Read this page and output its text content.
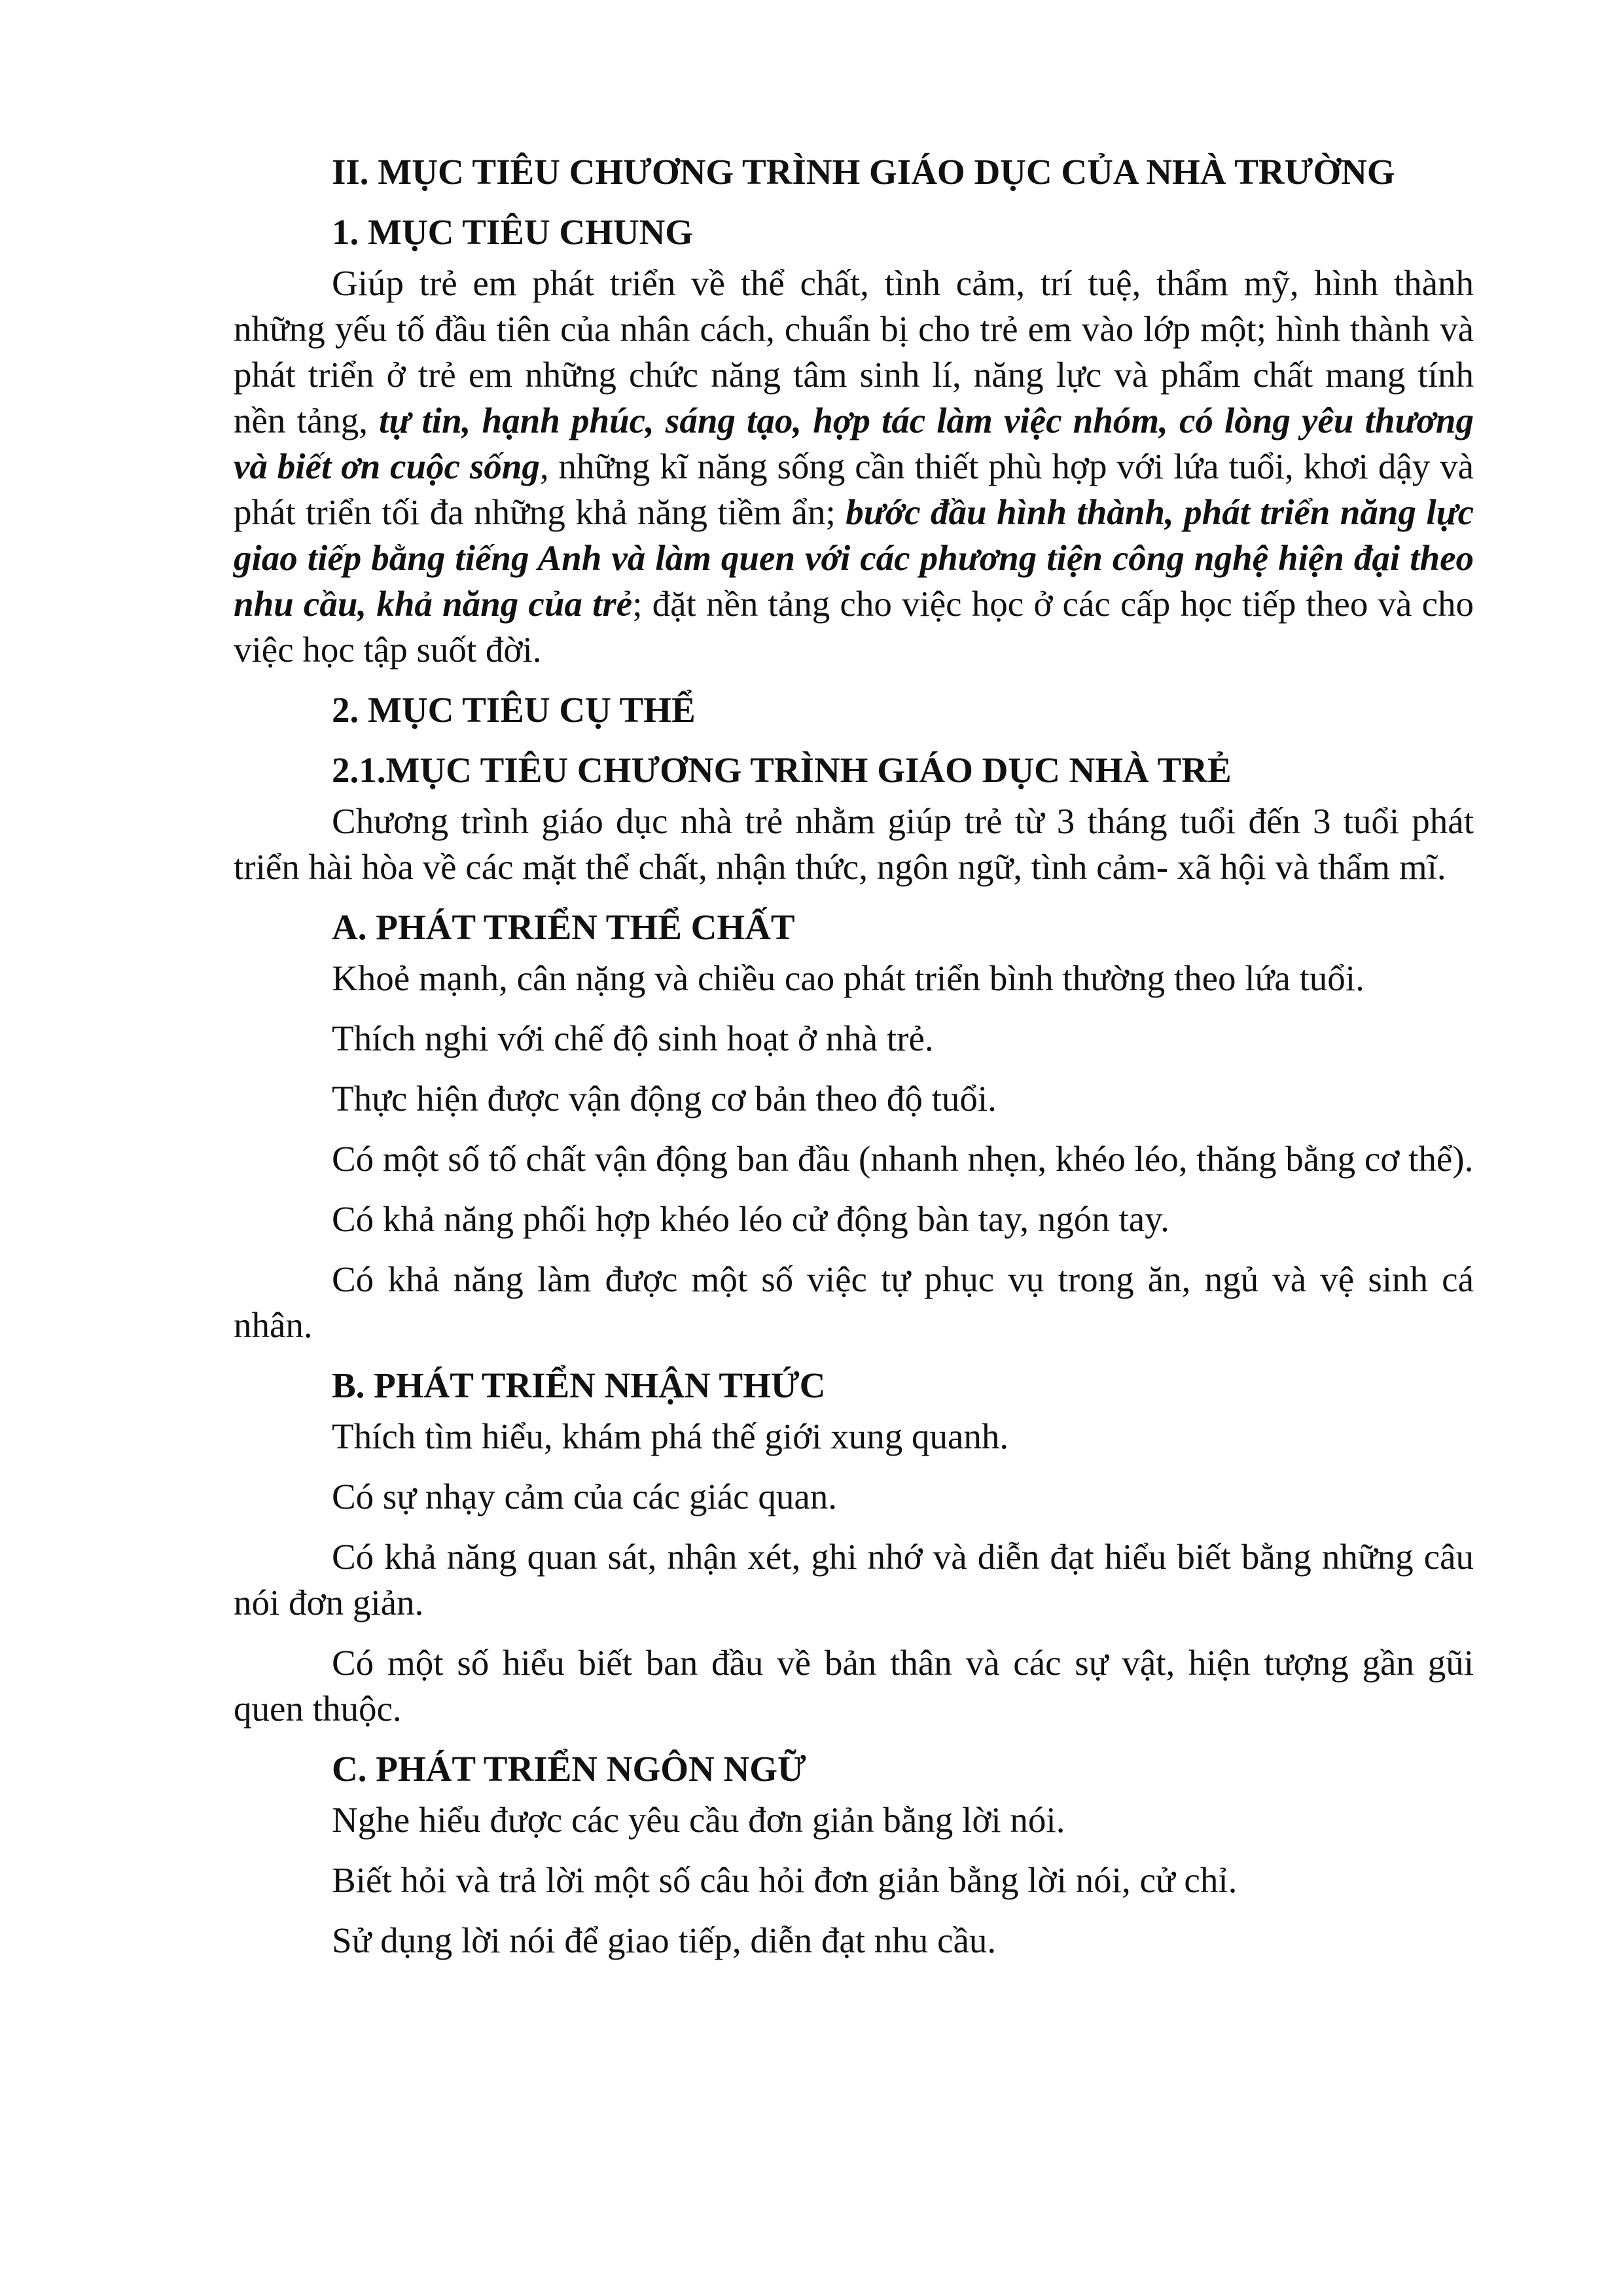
II. MỤC TIÊU CHƯƠNG TRÌNH GIÁO DỤC CỦA NHÀ TRƯỜNG
1. MỤC TIÊU CHUNG

Giúp trẻ em phát triển về thể chất, tình cảm, trí tuệ, thẩm mỹ, hình thành những yếu tố đầu tiên của nhân cách, chuẩn bị cho trẻ em vào lớp một; hình thành và phát triển ở trẻ em những chức năng tâm sinh lí, năng lực và phẩm chất mang tính nền tảng, tự tin, hạnh phúc, sáng tạo, hợp tác làm việc nhóm, có lòng yêu thương và biết ơn cuộc sống, những kĩ năng sống cần thiết phù hợp với lứa tuổi, khơi dậy và phát triển tối đa những khả năng tiềm ẩn; bước đầu hình thành, phát triển năng lực giao tiếp bằng tiếng Anh và làm quen với các phương tiện công nghệ hiện đại theo nhu cầu, khả năng của trẻ; đặt nền tảng cho việc học ở các cấp học tiếp theo và cho việc học tập suốt đời.

2. MỤC TIÊU CỤ THỂ
2.1.MỤC TIÊU CHƯƠNG TRÌNH GIÁO DỤC NHÀ TRẺ

Chương trình giáo dục nhà trẻ nhằm giúp trẻ từ 3 tháng tuổi đến 3 tuổi phát triển hài hòa về các mặt thể chất, nhận thức, ngôn ngữ, tình cảm- xã hội và thẩm mĩ.

A. PHÁT TRIỂN THỂ CHẤT
Khoẻ mạnh, cân nặng và chiều cao phát triển bình thường theo lứa tuổi.
Thích nghi với chế độ sinh hoạt ở nhà trẻ.
Thực hiện được vận động cơ bản theo độ tuổi.
Có một số tố chất vận động ban đầu (nhanh nhẹn, khéo léo, thăng bằng cơ thể).
Có khả năng phối hợp khéo léo cử động bàn tay, ngón tay.
Có khả năng làm được một số việc tự phục vụ trong ăn, ngủ và vệ sinh cá nhân.
B. PHÁT TRIỂN NHẬN THỨC
Thích tìm hiểu, khám phá thế giới xung quanh.
Có sự nhạy cảm của các giác quan.
Có khả năng quan sát, nhận xét, ghi nhớ và diễn đạt hiểu biết bằng những câu nói đơn giản.
Có một số hiểu biết ban đầu về bản thân và các sự vật, hiện tượng gần gũi quen thuộc.
C. PHÁT TRIỂN NGÔN NGỮ
Nghe hiểu được các yêu cầu đơn giản bằng lời nói.
Biết hỏi và trả lời một số câu hỏi đơn giản bằng lời nói, cử chỉ.
Sử dụng lời nói để giao tiếp, diễn đạt nhu cầu.
